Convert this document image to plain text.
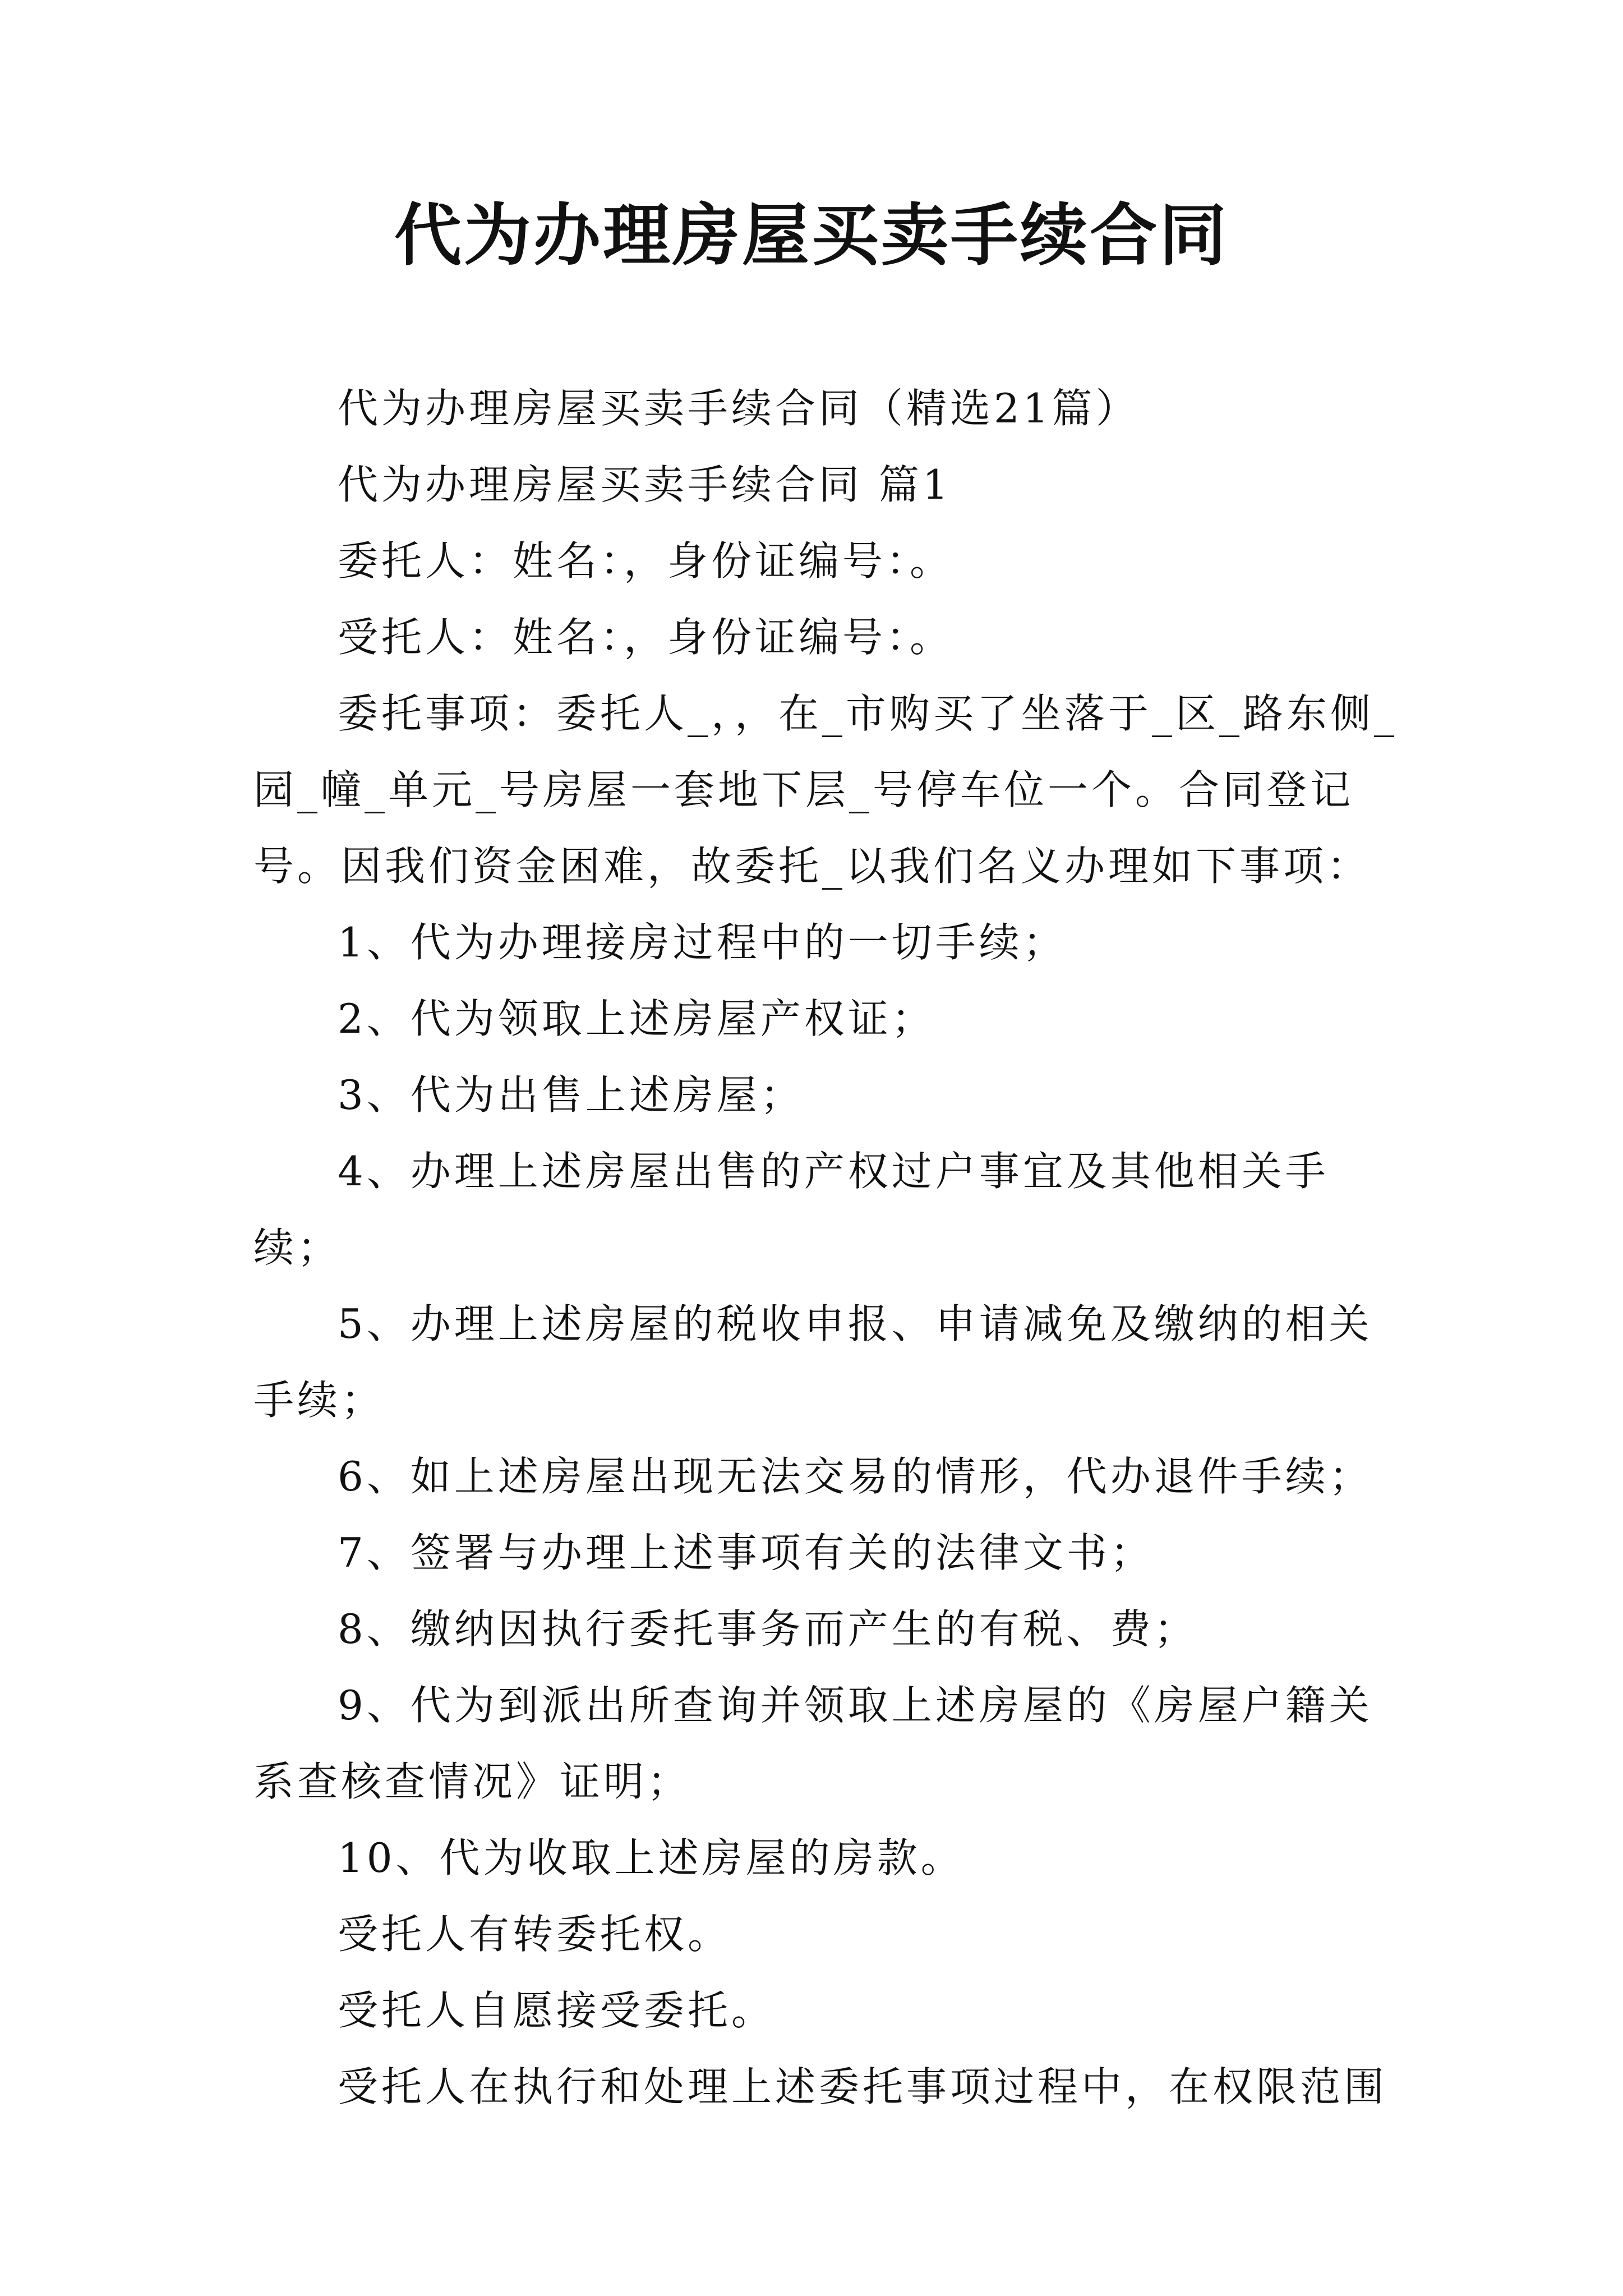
代为办理房屋买卖手续合同

代为办理房屋买卖手续合同（精选21篇）

代为办理房屋买卖手续合同 篇1

委托人：姓名：，身份证编号：。

受托人：姓名：，身份证编号：。

委托事项：委托人_，，在_市购买了坐落于_区_路东侧_园_幢_单元_号房屋一套地下层_号停车位一个。合同登记号。因我们资金困难，故委托_以我们名义办理如下事项：

1、代为办理接房过程中的一切手续；

2、代为领取上述房屋产权证；

3、代为出售上述房屋；

4、办理上述房屋出售的产权过户事宜及其他相关手续；

5、办理上述房屋的税收申报、申请减免及缴纳的相关手续；

6、如上述房屋出现无法交易的情形，代办退件手续；

7、签署与办理上述事项有关的法律文书；

8、缴纳因执行委托事务而产生的有税、费；

9、代为到派出所查询并领取上述房屋的《房屋户籍关系查核查情况》证明；

10、代为收取上述房屋的房款。

受托人有转委托权。

受托人自愿接受委托。

受托人在执行和处理上述委托事项过程中，在权限范围
